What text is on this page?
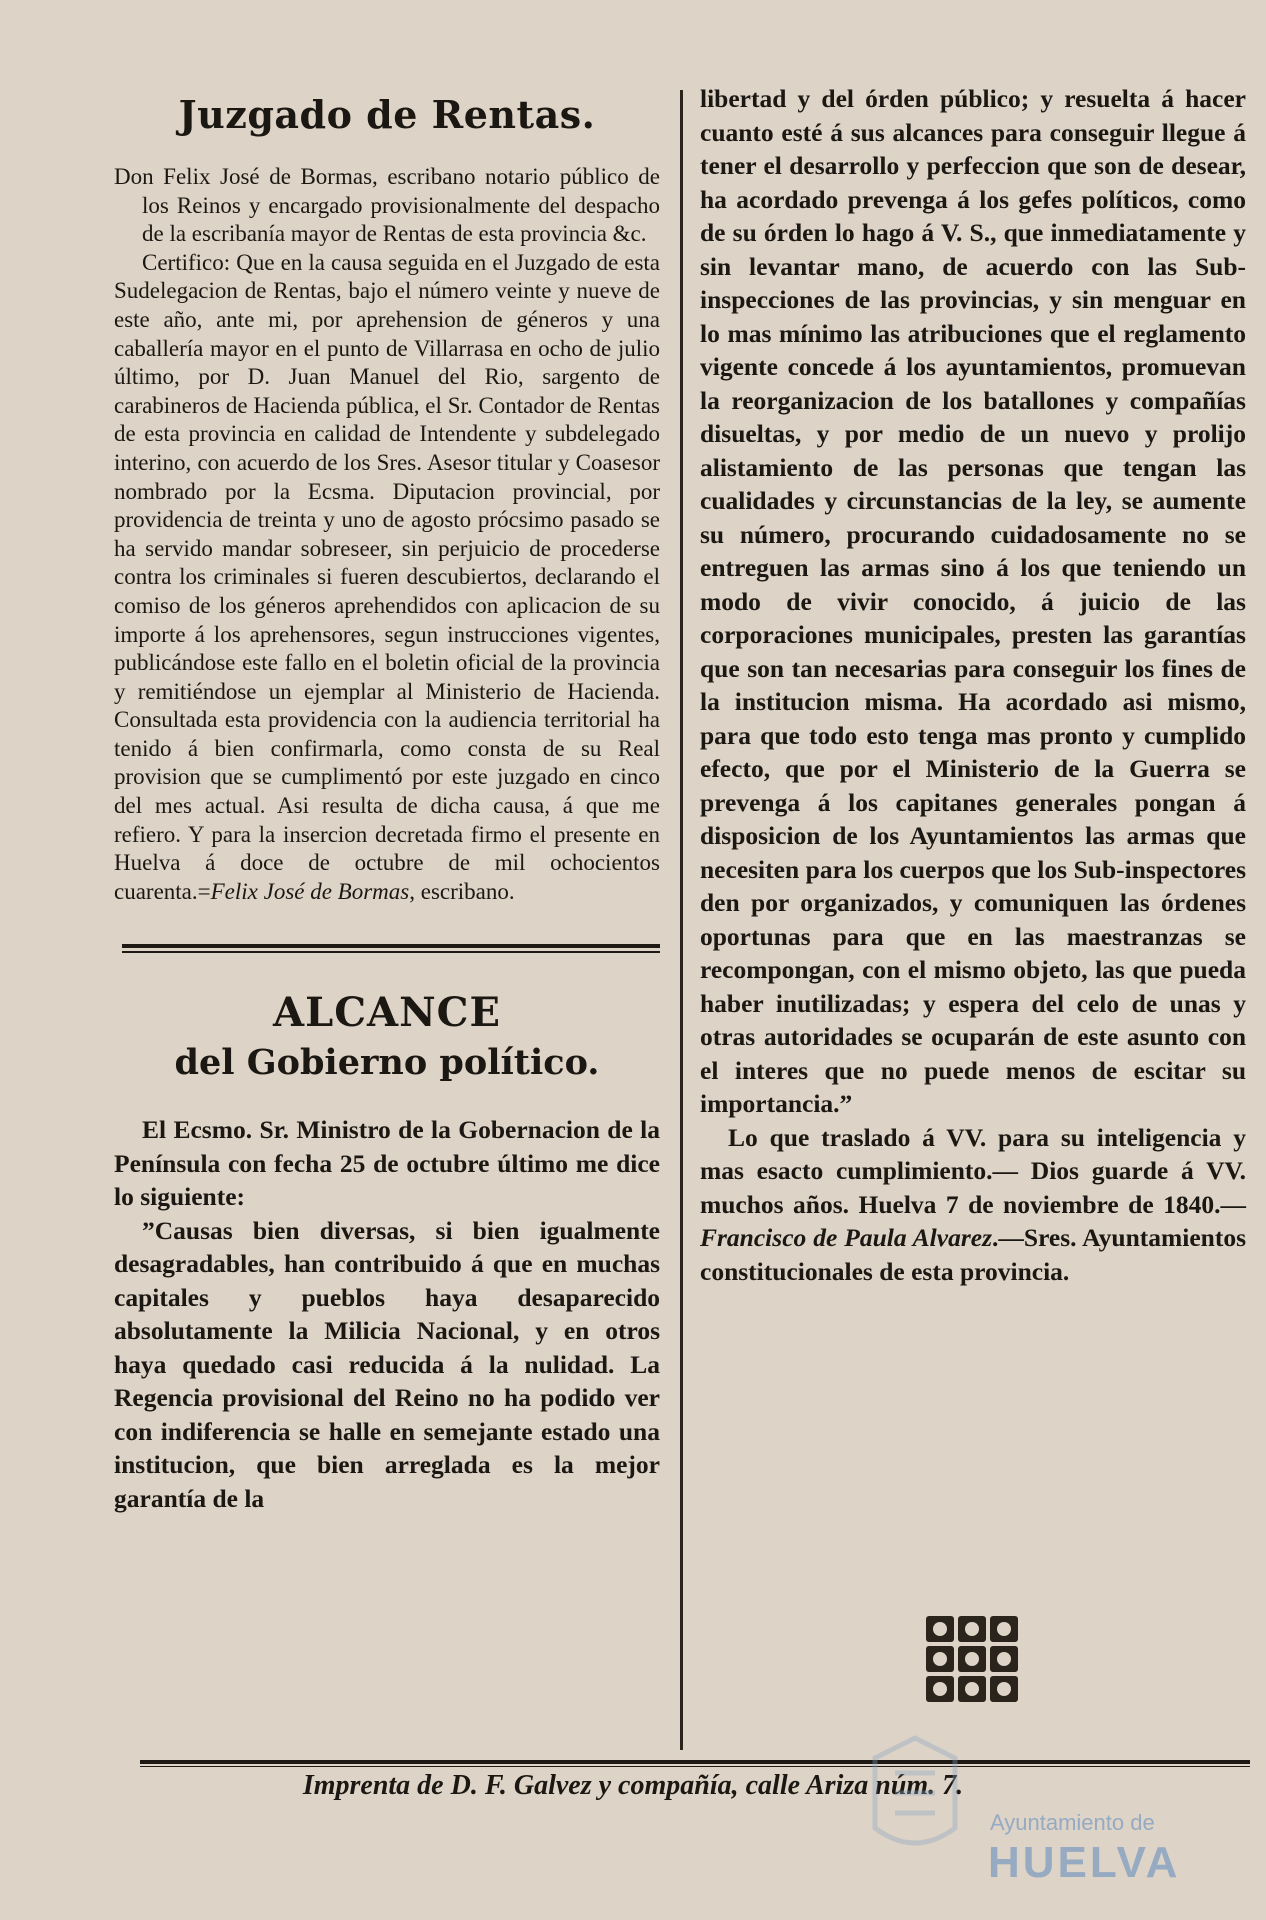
Juzgado de Rentas.

Don Felix José de Bormas, escribano notario público de los Reinos y encargado provisionalmente del despacho de la escribanía mayor de Rentas de esta provincia &c.

Certifico: Que en la causa seguida en el Juzgado de esta Sudelegacion de Rentas, bajo el número veinte y nueve de este año, ante mi, por aprehension de géneros y una caballería mayor en el punto de Villarrasa en ocho de julio último, por D. Juan Manuel del Rio, sargento de carabineros de Hacienda pública, el Sr. Contador de Rentas de esta provincia en calidad de Intendente y subdelegado interino, con acuerdo de los Sres. Asesor titular y Coasesor nombrado por la Ecsma. Diputacion provincial, por providencia de treinta y uno de agosto prócsimo pasado se ha servido mandar sobreseer, sin perjuicio de procederse contra los criminales si fueren descubiertos, declarando el comiso de los géneros aprehendidos con aplicacion de su importe á los aprehensores, segun instrucciones vigentes, publicándose este fallo en el boletin oficial de la provincia y remitiéndose un ejemplar al Ministerio de Hacienda. Consultada esta providencia con la audiencia territorial ha tenido á bien confirmarla, como consta de su Real provision que se cumplimentó por este juzgado en cinco del mes actual. Asi resulta de dicha causa, á que me refiero. Y para la insercion decretada firmo el presente en Huelva á doce de octubre de mil ochocientos cuarenta.=Felix José de Bormas, escribano.

ALCANCE
del Gobierno político.

El Ecsmo. Sr. Ministro de la Gobernacion de la Península con fecha 25 de octubre último me dice lo siguiente:

”Causas bien diversas, si bien igualmente desagradables, han contribuido á que en muchas capitales y pueblos haya desaparecido absolutamente la Milicia Nacional, y en otros haya quedado casi reducida á la nulidad. La Regencia provisional del Reino no ha podido ver con indiferencia se halle en semejante estado una institucion, que bien arreglada es la mejor garantía de la

libertad y del órden público; y resuelta á hacer cuanto esté á sus alcances para conseguir llegue á tener el desarrollo y perfeccion que son de desear, ha acordado prevenga á los gefes políticos, como de su órden lo hago á V. S., que inmediatamente y sin levantar mano, de acuerdo con las Sub-inspecciones de las provincias, y sin menguar en lo mas mínimo las atribuciones que el reglamento vigente concede á los ayuntamientos, promuevan la reorganizacion de los batallones y compañías disueltas, y por medio de un nuevo y prolijo alistamiento de las personas que tengan las cualidades y circunstancias de la ley, se aumente su número, procurando cuidadosamente no se entreguen las armas sino á los que teniendo un modo de vivir conocido, á juicio de las corporaciones municipales, presten las garantías que son tan necesarias para conseguir los fines de la institucion misma. Ha acordado asi mismo, para que todo esto tenga mas pronto y cumplido efecto, que por el Ministerio de la Guerra se prevenga á los capitanes generales pongan á disposicion de los Ayuntamientos las armas que necesiten para los cuerpos que los Sub-inspectores den por organizados, y comuniquen las órdenes oportunas para que en las maestranzas se recompongan, con el mismo objeto, las que pueda haber inutilizadas; y espera del celo de unas y otras autoridades se ocuparán de este asunto con el interes que no puede menos de escitar su importancia.”

Lo que traslado á VV. para su inteligencia y mas esacto cumplimiento.— Dios guarde á VV. muchos años. Huelva 7 de noviembre de 1840.—Francisco de Paula Alvarez.—Sres. Ayuntamientos constitucionales de esta provincia.

Imprenta de D. F. Galvez y compañía, calle Ariza núm. 7.
Ayuntamiento de
HUELVA
